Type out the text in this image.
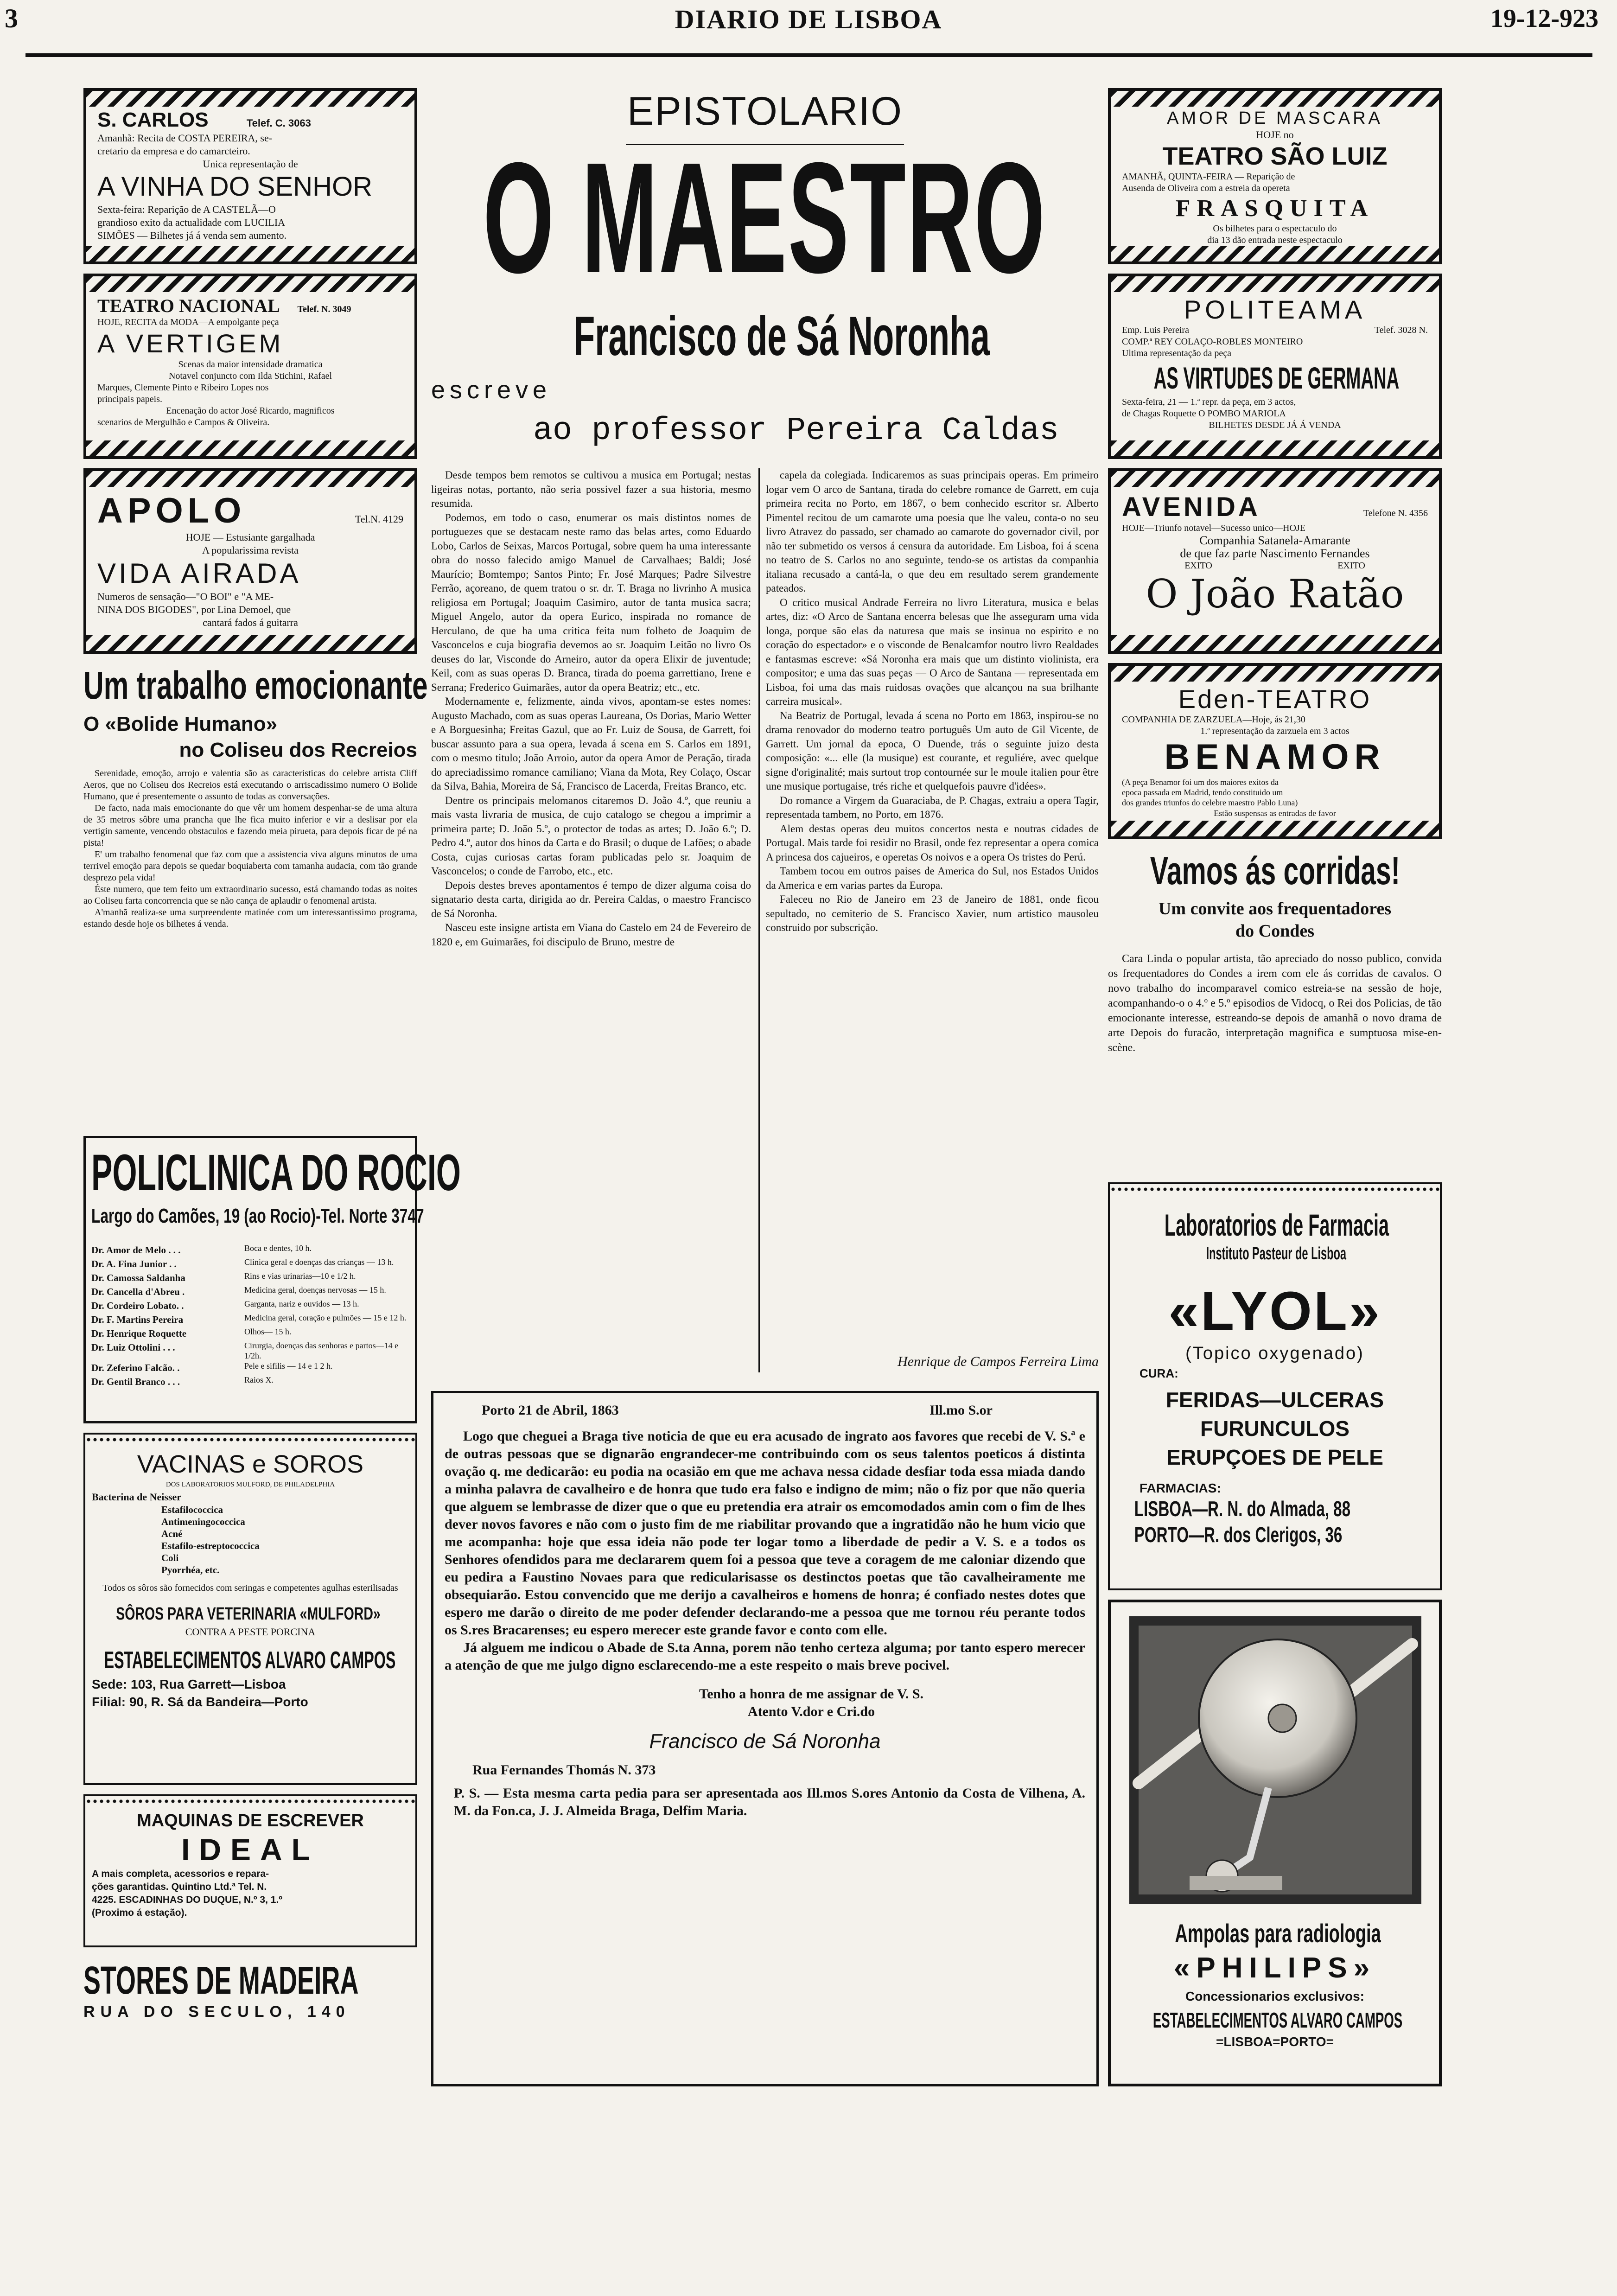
3	DIARIO DE LISBOA	19-12-923
S. CARLOS	Telef. C. 3063
Amanhã: Recita de COSTA PEREIRA, se-
cretario da empresa e do camarcteiro.
Unica representação de
A VINHA DO SENHOR
Sexta-feira: Reparição de A CASTELÃ—O
grandioso exito da actualidade com LUCILIA
SIMÕES — Bilhetes já á venda sem aumento.
TEATRO NACIONAL Telef. N. 3049
HOJE, RECITA da MODA—A empolgante peça
A VERTIGEM
Scenas da maior intensidade dramatica
Notavel conjuncto com Ilda Stichini, Rafael
Marques, Clemente Pinto e Ribeiro Lopes nos
principais papeis.
Encenação do actor José Ricardo, magnificos
scenarios de Mergulhão e Campos & Oliveira.
APOLO	Tel.N. 4129
HOJE — Estusiante gargalhada
A popularissima revista
VIDA AIRADA
Numeros de sensação—"O BOI" e "A ME-
NINA DOS BIGODES", por Lina Demoel, que
cantará fados á guitarra
Um trabalho emocionante
O «Bolide Humano»
no Coliseu dos Recreios
Serenidade, emoção, arrojo e valentia são as caracteristicas do celebre artista Cliff Aeros, que no Coliseu dos Recreios está executando o arriscadissimo numero O Bolide Humano, que é presentemente o assunto de todas as conversações.
De facto, nada mais emocionante do que vêr um homem despenhar-se de uma altura de 35 metros sôbre uma prancha que lhe fica muito inferior e vir a deslisar por ela vertigin samente, vencendo obstaculos e fazendo meia pirueta, para depois ficar de pé na pista!
E' um trabalho fenomenal que faz com que a assistencia viva alguns minutos de uma terrivel emoção para depois se quedar boquiaberta com tamanha audacia, com tão grande desprezo pela vida!
Éste numero, que tem feito um extraordinario sucesso, está chamando todas as noites ao Coliseu farta concorrencia que se não cança de aplaudir o fenomenal artista.
A'manhã realiza-se uma surpreendente matinée com um interessantissimo programa, estando desde hoje os bilhetes á venda.
POLICLINICA DO ROCIO
Largo do Camões, 19 (ao Rocio)-Tel. Norte 3747
Dr. Amor de Melo . . .	Boca e dentes, 10 h.
Dr. A. Fina Junior . .	Clinica geral e doenças das crianças — 13 h.
Dr. Camossa Saldanha	Rins e vias urinarias—10 e 1/2 h.
Dr. Cancella d'Abreu .	Medicina geral, doenças nervosas — 15 h.
Dr. Cordeiro Lobato. .	Garganta, nariz e ouvidos — 13 h.
Dr. F. Martins Pereira	Medicina geral, coração e pulmões — 15 e 12 h.
Dr. Henrique Roquette	Olhos— 15 h.
Dr. Luiz Ottolini . . .	Cirurgia, doenças das senhoras e partos—14 e 1/2h.
Dr. Zeferino Falcão. .	Pele e sifilis — 14 e 1 2 h.
Dr. Gentil Branco . . .	Raios X.
VACINAS e SOROS
DOS LABORATORIOS MULFORD, DE PHILADELPHIA
Bacterina de Neisser
Estafilococcica
Antimeningococcica
Acné
Estafilo-estreptococcica
Coli
Pyorrhéa, etc.
Todos os sôros são fornecidos com seringas e competentes agulhas esterilisadas
SÔROS PARA VETERINARIA «MULFORD»
CONTRA A PESTE PORCINA
ESTABELECIMENTOS ALVARO CAMPOS
Sede: 103, Rua Garrett—Lisboa
Filial: 90, R. Sá da Bandeira—Porto
MAQUINAS DE ESCREVER
IDEAL
A mais completa, acessorios e repara-
ções garantidas. Quintino Ltd.ª Tel. N.
4225. ESCADINHAS DO DUQUE, N.º 3, 1.º
(Proximo á estação).
STORES DE MADEIRA
RUA DO SECULO, 140
EPISTOLARIO
O MAESTRO
Francisco de Sá Noronha
escreve
ao professor Pereira Caldas
Desde tempos bem remotos se cultivou a musica em Portugal; nestas ligeiras notas, portanto, não seria possivel fazer a sua historia, mesmo resumida.
Podemos, em todo o caso, enumerar os mais distintos nomes de portuguezes que se destacam neste ramo das belas artes, como Eduardo Lobo, Carlos de Seixas, Marcos Portugal, sobre quem ha uma interessante obra do nosso falecido amigo Manuel de Carvalhaes; Baldi; José Maurício; Bomtempo; Santos Pinto; Fr. José Marques; Padre Silvestre Ferrão, açoreano, de quem tratou o sr. dr. T. Braga no livrinho A musica religiosa em Portugal; Joaquim Casimiro, autor de tanta musica sacra; Miguel Angelo, autor da opera Eurico, inspirada no romance de Herculano, de que ha uma critica feita num folheto de Joaquim de Vasconcelos e cuja biografia devemos ao sr. Joaquim Leitão no livro Os deuses do lar, Visconde do Arneiro, autor da opera Elixir de juventude; Keil, com as suas operas D. Branca, tirada do poema garrettiano, Irene e Serrana; Frederico Guimarães, autor da opera Beatriz; etc., etc.
Modernamente e, felizmente, ainda vivos, apontam-se estes nomes: Augusto Machado, com as suas operas Laureana, Os Dorias, Mario Wetter e A Borguesinha; Freitas Gazul, que ao Fr. Luiz de Sousa, de Garrett, foi buscar assunto para a sua opera, levada á scena em S. Carlos em 1891, com o mesmo titulo; João Arroio, autor da opera Amor de Peração, tirada do apreciadissimo romance camiliano; Viana da Mota, Rey Colaço, Oscar da Silva, Bahia, Moreira de Sá, Francisco de Lacerda, Freitas Branco, etc.
Dentre os principais melomanos citaremos D. João 4.º, que reuniu a mais vasta livraria de musica, de cujo catalogo se chegou a imprimir a primeira parte; D. João 5.º, o protector de todas as artes; D. João 6.º; D. Pedro 4.º, autor dos hinos da Carta e do Brasil; o duque de Lafões; o abade Costa, cujas curiosas cartas foram publicadas pelo sr. Joaquim de Vasconcelos; o conde de Farrobo, etc., etc.
Depois destes breves apontamentos é tempo de dizer alguma coisa do signatario desta carta, dirigida ao dr. Pereira Caldas, o maestro Francisco de Sá Noronha.
Nasceu este insigne artista em Viana do Castelo em 24 de Fevereiro de 1820 e, em Guimarães, foi discipulo de Bruno, mestre de
capela da colegiada. Indicaremos as suas principais operas. Em primeiro logar vem O arco de Santana, tirada do celebre romance de Garrett, em cuja primeira recita no Porto, em 1867, o bem conhecido escritor sr. Alberto Pimentel recitou de um camarote uma poesia que lhe valeu, conta-o no seu livro Atravez do passado, ser chamado ao camarote do governador civil, por não ter submetido os versos á censura da autoridade. Em Lisboa, foi á scena no teatro de S. Carlos no ano seguinte, tendo-se os artistas da companhia italiana recusado a cantá-la, o que deu em resultado serem grandemente pateados.
O critico musical Andrade Ferreira no livro Literatura, musica e belas artes, diz: «O Arco de Santana encerra belesas que lhe asseguram uma vida longa, porque são elas da naturesa que mais se insinua no espirito e no coração do espectador» e o visconde de Benalcamfor noutro livro Realdades e fantasmas escreve: «Sá Noronha era mais que um distinto violinista, era compositor; e uma das suas peças — O Arco de Santana — representada em Lisboa, foi uma das mais ruidosas ovações que alcançou na sua brilhante carreira musical».
Na Beatriz de Portugal, levada á scena no Porto em 1863, inspirou-se no drama renovador do moderno teatro português Um auto de Gil Vicente, de Garrett. Um jornal da epoca, O Duende, trás o seguinte juizo desta composição: «... elle (la musique) est courante, et reguliére, avec quelque signe d'originalité; mais surtout trop contournée sur le moule italien pour être une musique portugaise, trés riche et quelquefois pauvre d'idées».
Do romance a Virgem da Guaraciaba, de P. Chagas, extraiu a opera Tagir, representada tambem, no Porto, em 1876.
Alem destas operas deu muitos concertos nesta e noutras cidades de Portugal. Mais tarde foi residir no Brasil, onde fez representar a opera comica A princesa dos cajueiros, e operetas Os noivos e a opera Os tristes do Perú.
Tambem tocou em outros paises de America do Sul, nos Estados Unidos da America e em varias partes da Europa.
Faleceu no Rio de Janeiro em 23 de Janeiro de 1881, onde ficou sepultado, no cemiterio de S. Francisco Xavier, num artistico mausoleu construido por subscrição.
Henrique de Campos Ferreira Lima
Porto 21 de Abril, 1863	Ill.mo S.or
Logo que cheguei a Braga tive noticia de que eu era acusado de ingrato aos favores que recebi de V. S.ª e de outras pessoas que se dignarão engrandecer-me contribuindo com os seus talentos poeticos á distinta ovação q. me dedicarão: eu podia na ocasião em que me achava nessa cidade desfiar toda essa miada dando a minha palavra de cavalheiro e de honra que tudo era falso e indigno de mim; não o fiz por que não queria que alguem se lembrasse de dizer que o que eu pretendia era atrair os emcomodados amin com o fim de lhes dever novos favores e não com o justo fim de me riabilitar provando que a ingratidão não he hum vicio que me acompanha: hoje que essa ideia não pode ter logar tomo a liberdade de pedir a V. S. e a todos os Senhores ofendidos para me declararem quem foi a pessoa que teve a coragem de me caloniar dizendo que eu pedira a Faustino Novaes para que redicularisasse os destinctos poetas que tão cavalheiramente me obsequiarão. Estou convencido que me derijo a cavalheiros e homens de honra; é confiado nestes dotes que espero me darão o direito de me poder defender declarando-me a pessoa que me tornou réu perante todos os S.res Bracarenses; eu espero merecer este grande favor e conto com elle.
Já alguem me indicou o Abade de S.ta Anna, porem não tenho certeza alguma; por tanto espero merecer a atenção de que me julgo digno esclarecendo-me a este respeito o mais breve pocivel.
Tenho a honra de me assignar de V. S.
Atento V.dor e Cri.do
Francisco de Sá Noronha
Rua Fernandes Thomás N. 373
P. S. — Esta mesma carta pedia para ser apresentada aos Ill.mos S.ores Antonio da Costa de Vilhena, A. M. da Fon.ca, J. J. Almeida Braga, Delfim Maria.
AMOR DE MASCARA
HOJE no
TEATRO SÃO LUIZ
AMANHÃ, QUINTA-FEIRA — Reparição de
Ausenda de Oliveira com a estreia da opereta
FRASQUITA
Os bilhetes para o espectaculo do
dia 13 dão entrada neste espectaculo
POLITEAMA
Emp. Luis Pereira	Telef. 3028 N.
COMP.ª REY COLAÇO-ROBLES MONTEIRO
Ultima representação da peça
AS VIRTUDES DE GERMANA
Sexta-feira, 21 — 1.ª repr. da peça, em 3 actos,
de Chagas Roquette O POMBO MARIOLA
BILHETES DESDE JÁ Á VENDA
AVENIDA	Telefone N. 4356
HOJE—Triunfo notavel—Sucesso unico—HOJE
Companhia Satanela-Amarante
de que faz parte Nascimento Fernandes
EXITO	EXITO
O João Ratão
Eden-TEATRO
COMPANHIA DE ZARZUELA—Hoje, ás 21,30
1.ª representação da zarzuela em 3 actos
BENAMOR
(A peça Benamor foi um dos maiores exitos da
epoca passada em Madrid, tendo constituido um
dos grandes triunfos do celebre maestro Pablo Luna)
Estão suspensas as entradas de favor
Vamos ás corridas!
Um convite aos frequentadores
do Condes
Cara Linda o popular artista, tão apreciado do nosso publico, convida os frequentadores do Condes a irem com ele ás corridas de cavalos. O novo trabalho do incomparavel comico estreia-se na sessão de hoje, acompanhando-o o 4.º e 5.º episodios de Vidocq, o Rei dos Policias, de tão emocionante interesse, estreando-se depois de amanhã o novo drama de arte Depois do furacão, interpretação magnifica e sumptuosa mise-en-scène.
Laboratorios de Farmacia
Instituto Pasteur de Lisboa
«LYOL»
(Topico oxygenado)
CURA:
FERIDAS—ULCERAS
FURUNCULOS
ERUPÇOES DE PELE
FARMACIAS:
LISBOA—R. N. do Almada, 88
PORTO—R. dos Clerigos, 36
Ampolas para radiologia
«PHILIPS»
Concessionarios exclusivos:
ESTABELECIMENTOS ALVARO CAMPOS
=LISBOA=PORTO=
